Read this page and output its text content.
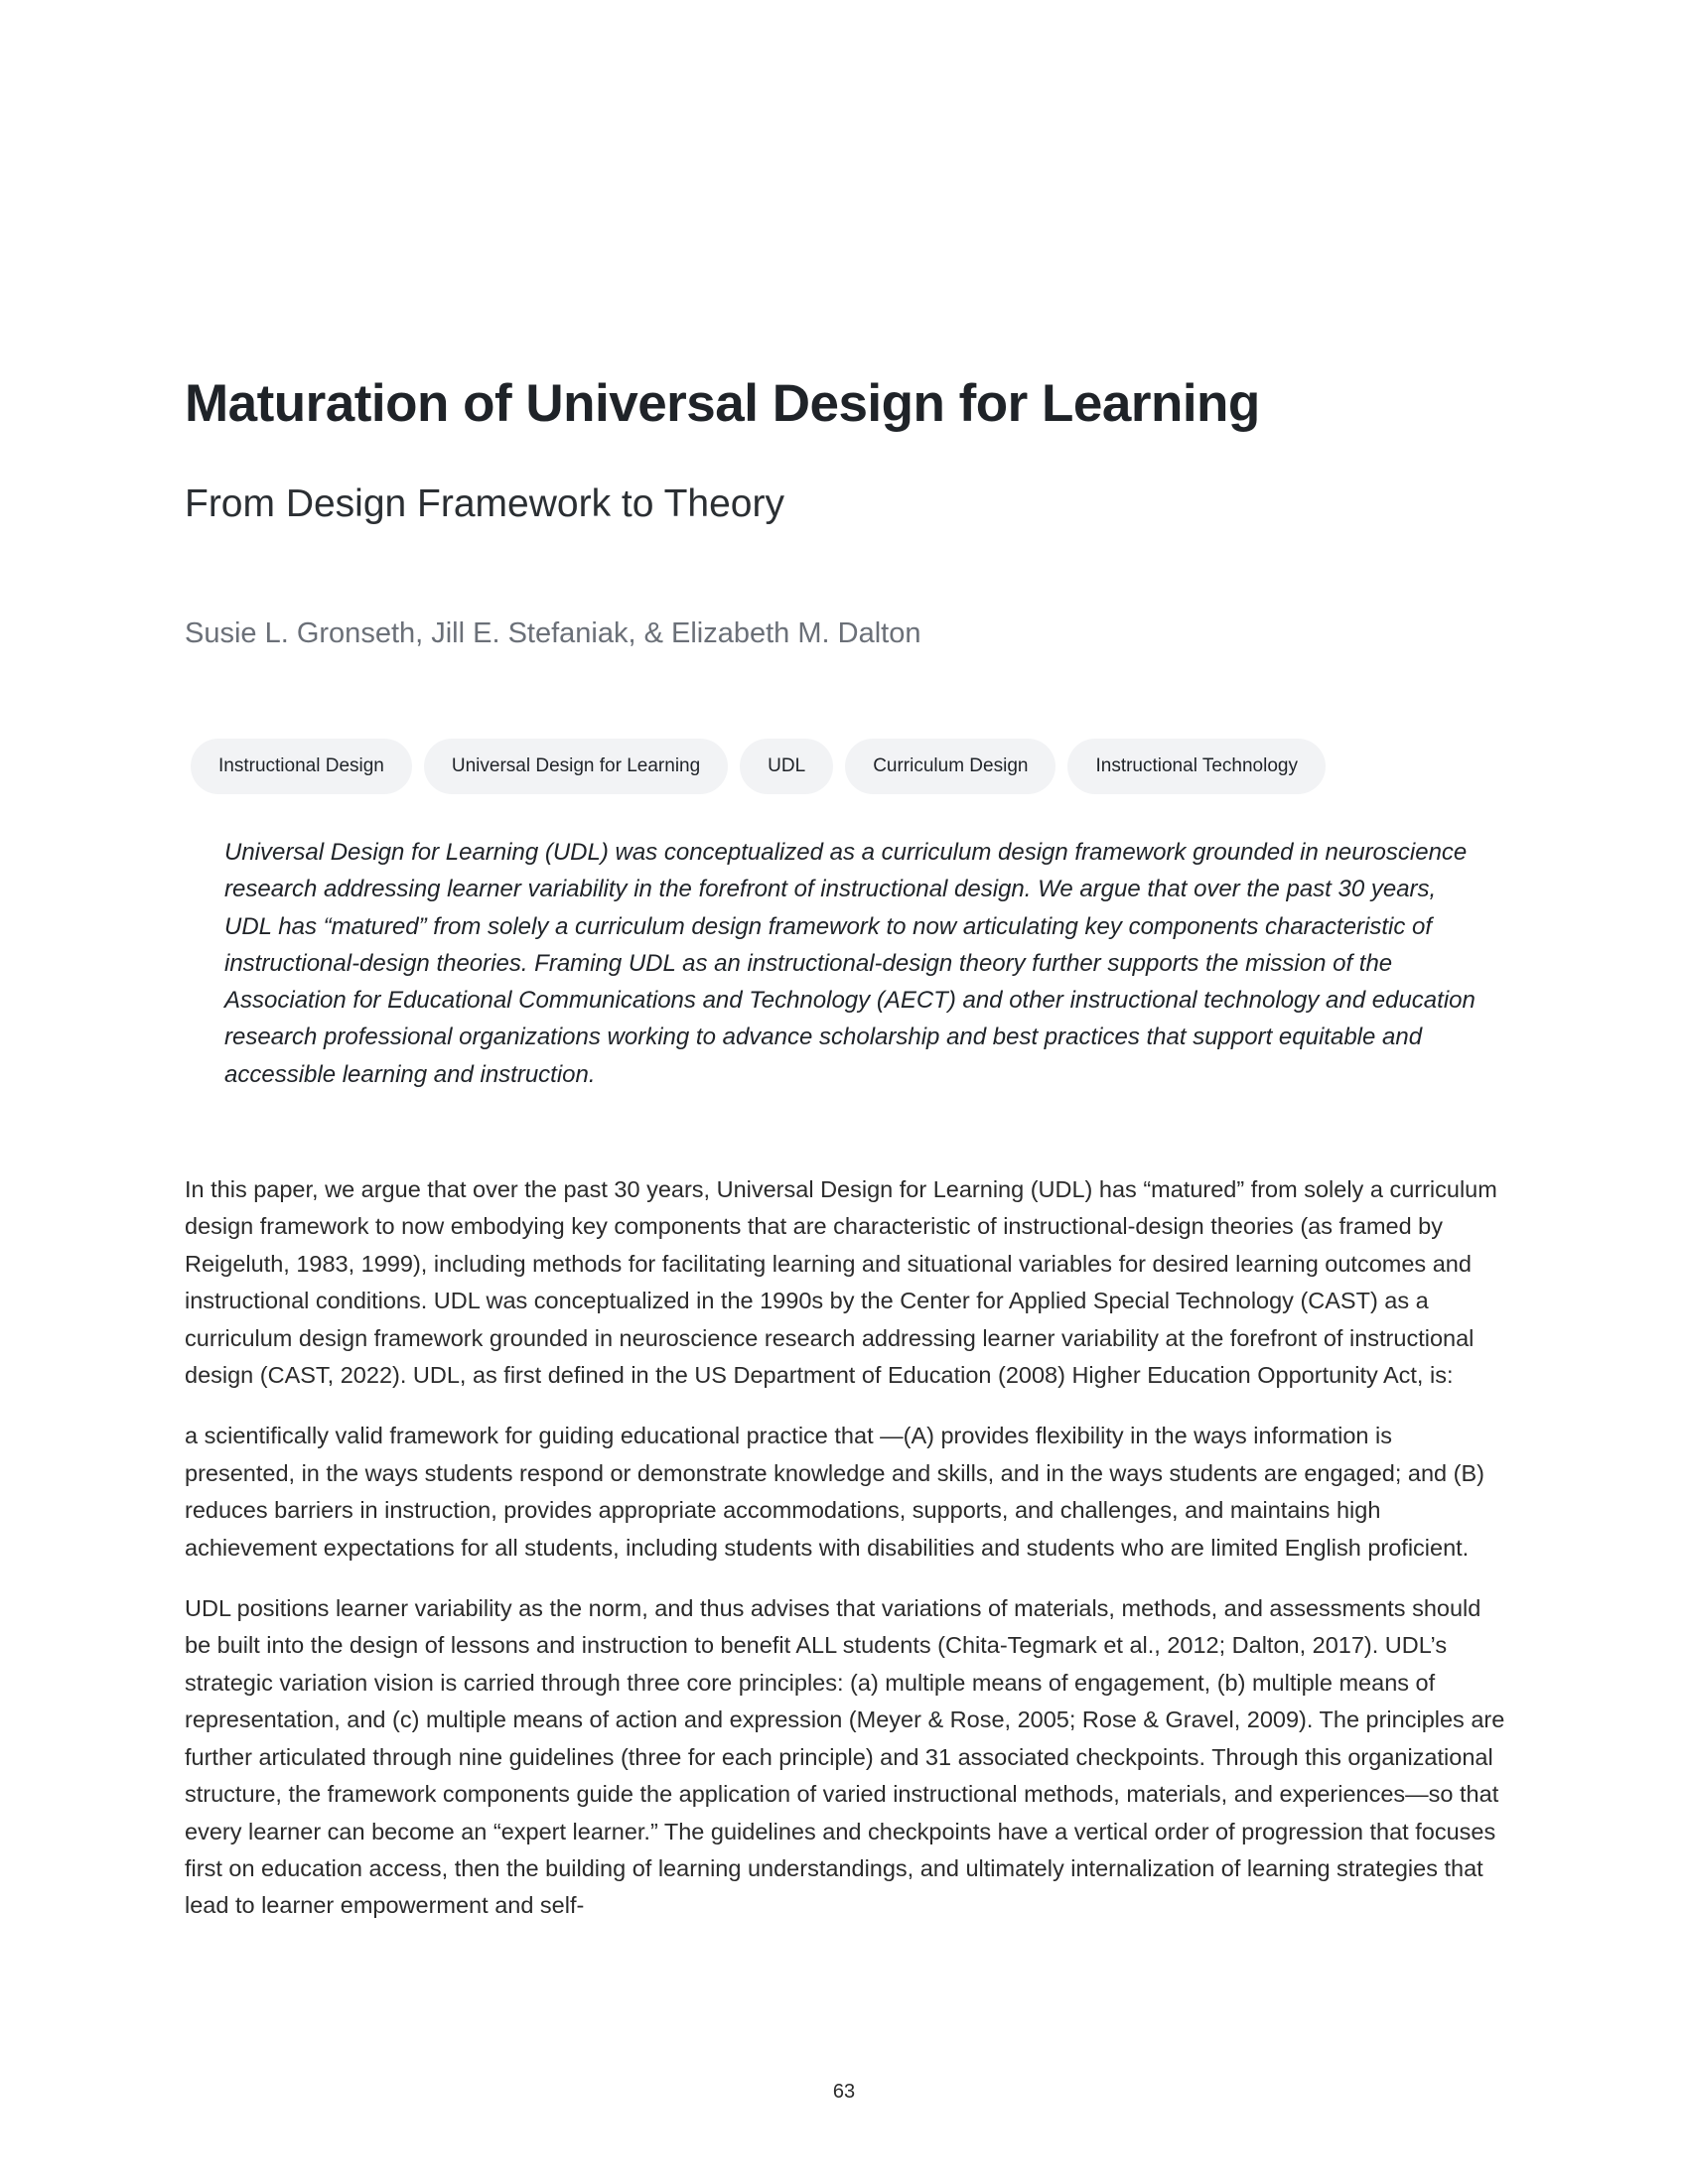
Maturation of Universal Design for Learning
From Design Framework to Theory
Susie L. Gronseth, Jill E. Stefaniak, & Elizabeth M. Dalton
Instructional Design	Universal Design for Learning	UDL	Curriculum Design	Instructional Technology

Universal Design for Learning (UDL) was conceptualized as a curriculum design framework grounded in neuroscience research addressing learner variability in the forefront of instructional design. We argue that over the past 30 years, UDL has “matured” from solely a curriculum design framework to now articulating key components characteristic of instructional-design theories. Framing UDL as an instructional-design theory further supports the mission of the Association for Educational Communications and Technology (AECT) and other instructional technology and education research professional organizations working to advance scholarship and best practices that support equitable and accessible learning and instruction.

In this paper, we argue that over the past 30 years, Universal Design for Learning (UDL) has “matured” from solely a curriculum design framework to now embodying key components that are characteristic of instructional-design theories (as framed by Reigeluth, 1983, 1999), including methods for facilitating learning and situational variables for desired learning outcomes and instructional conditions. UDL was conceptualized in the 1990s by the Center for Applied Special Technology (CAST) as a curriculum design framework grounded in neuroscience research addressing learner variability at the forefront of instructional design (CAST, 2022). UDL, as first defined in the US Department of Education (2008) Higher Education Opportunity Act, is:

a scientifically valid framework for guiding educational practice that —(A) provides flexibility in the ways information is presented, in the ways students respond or demonstrate knowledge and skills, and in the ways students are engaged; and (B) reduces barriers in instruction, provides appropriate accommodations, supports, and challenges, and maintains high achievement expectations for all students, including students with disabilities and students who are limited English proficient.

UDL positions learner variability as the norm, and thus advises that variations of materials, methods, and assessments should be built into the design of lessons and instruction to benefit ALL students (Chita-Tegmark et al., 2012; Dalton, 2017). UDL’s strategic variation vision is carried through three core principles: (a) multiple means of engagement, (b) multiple means of representation, and (c) multiple means of action and expression (Meyer & Rose, 2005; Rose & Gravel, 2009). The principles are further articulated through nine guidelines (three for each principle) and 31 associated checkpoints. Through this organizational structure, the framework components guide the application of varied instructional methods, materials, and experiences—so that every learner can become an “expert learner.” The guidelines and checkpoints have a vertical order of progression that focuses first on education access, then the building of learning understandings, and ultimately internalization of learning strategies that lead to learner empowerment and self-

63
